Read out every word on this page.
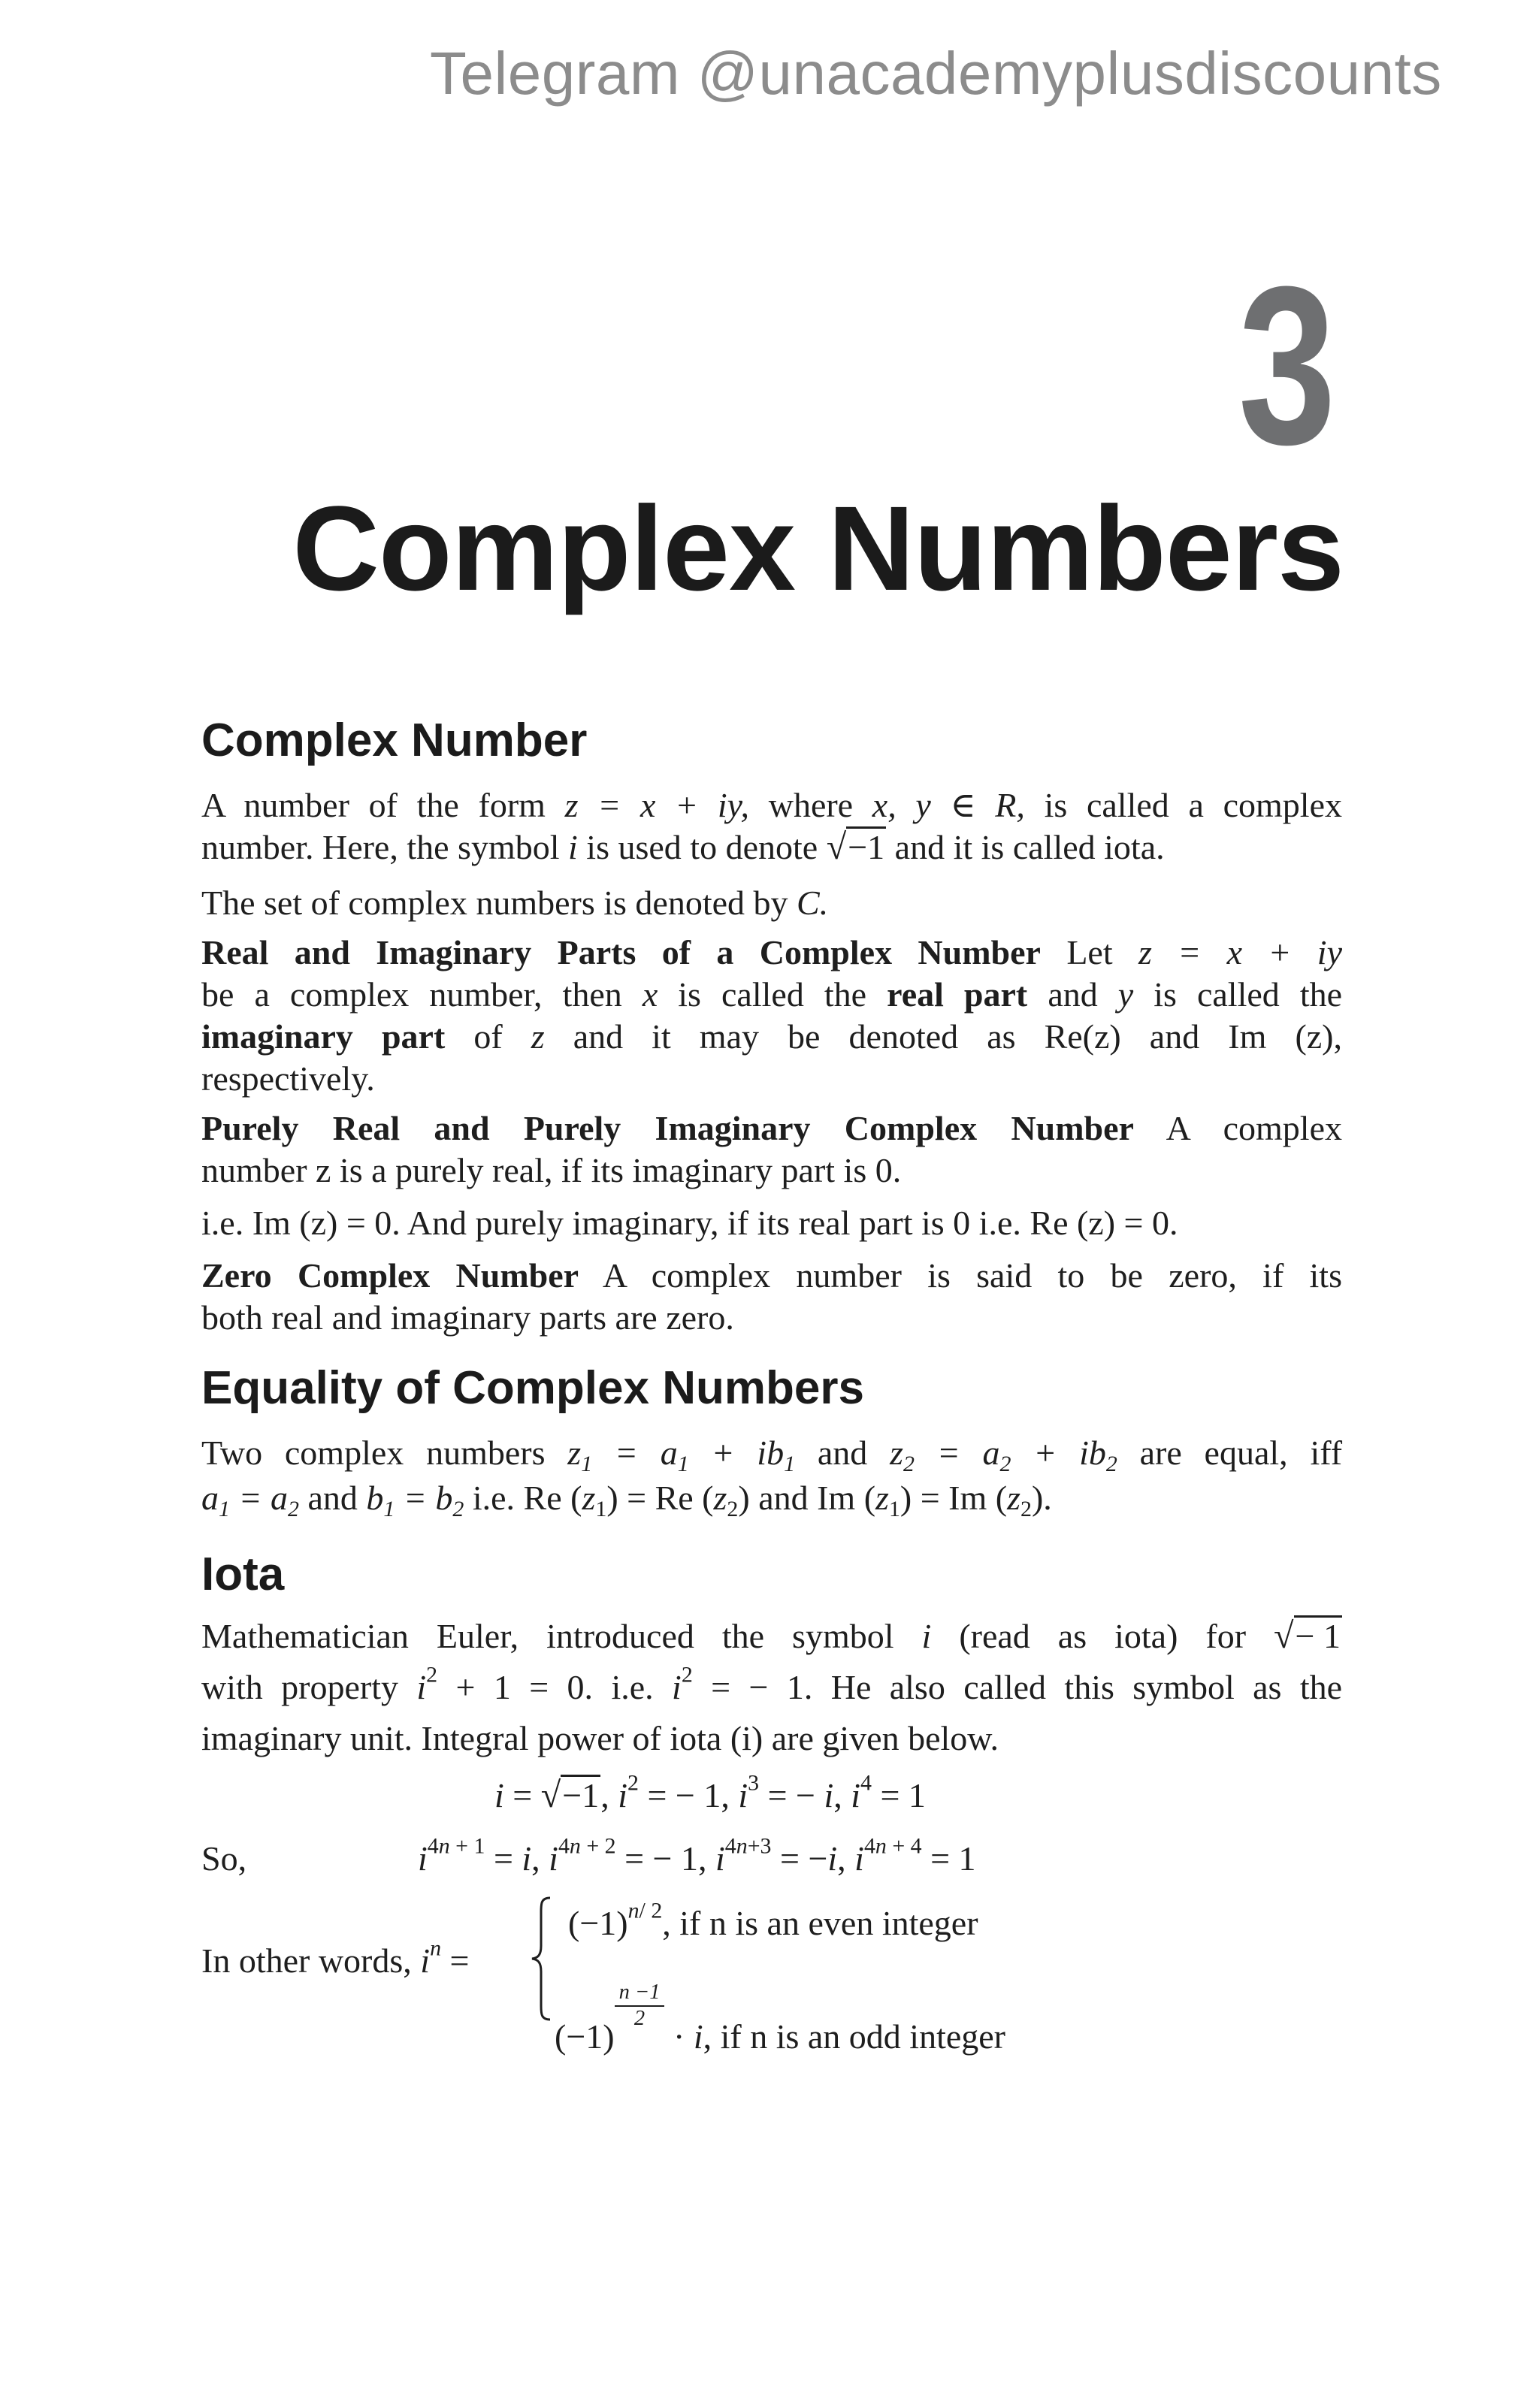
Telegram @unacademyplusdiscounts
3
Complex Numbers
Complex Number
A number of the form z = x + iy, where x, y ∈ R, is called a complex
number. Here, the symbol i is used to denote √−1 and it is called iota.
The set of complex numbers is denoted by C.
Real and Imaginary Parts of a Complex Number Let z = x + iy
be a complex number, then x is called the real part and y is called the
imaginary part of z and it may be denoted as Re(z) and Im (z),
respectively.
Purely Real and Purely Imaginary Complex Number A complex
number z is a purely real, if its imaginary part is 0.
i.e. Im (z) = 0. And purely imaginary, if its real part is 0 i.e. Re (z) = 0.
Zero Complex Number A complex number is said to be zero, if its
both real and imaginary parts are zero.
Equality of Complex Numbers
Two complex numbers $z_1 = a_1 + ib_1$ and $z_2 = a_2 + ib_2$ are equal, iff
$a_1 = a_2$ and $b_1 = b_2$ i.e. Re $(z_1) = Re$ $(z_2)$ and Im $(z_1) = Im$ $(z_2)$.
Iota
Mathematician Euler, introduced the symbol i (read as iota) for √− 1
with property $i^2 + 1 = 0$. i.e. $i^2$ = − 1. He also called this symbol as the
imaginary unit. Integral power of iota (i) are given below.
i = √−1, $i^2$ = − 1, $i^3$ = − i, $i^4 = 1$
So,	$i^{4n + 1} = i$, $i^{4n + 2}$ = − 1, $i^{4n+3} = -i$, $i^{4n + 4} = 1$
In other words, $i^n$ =
$(-1)^{n/ 2}$, if n is an even integer
(−1)
$\frac{n -1}{2}$
· i, if n is an odd integer
